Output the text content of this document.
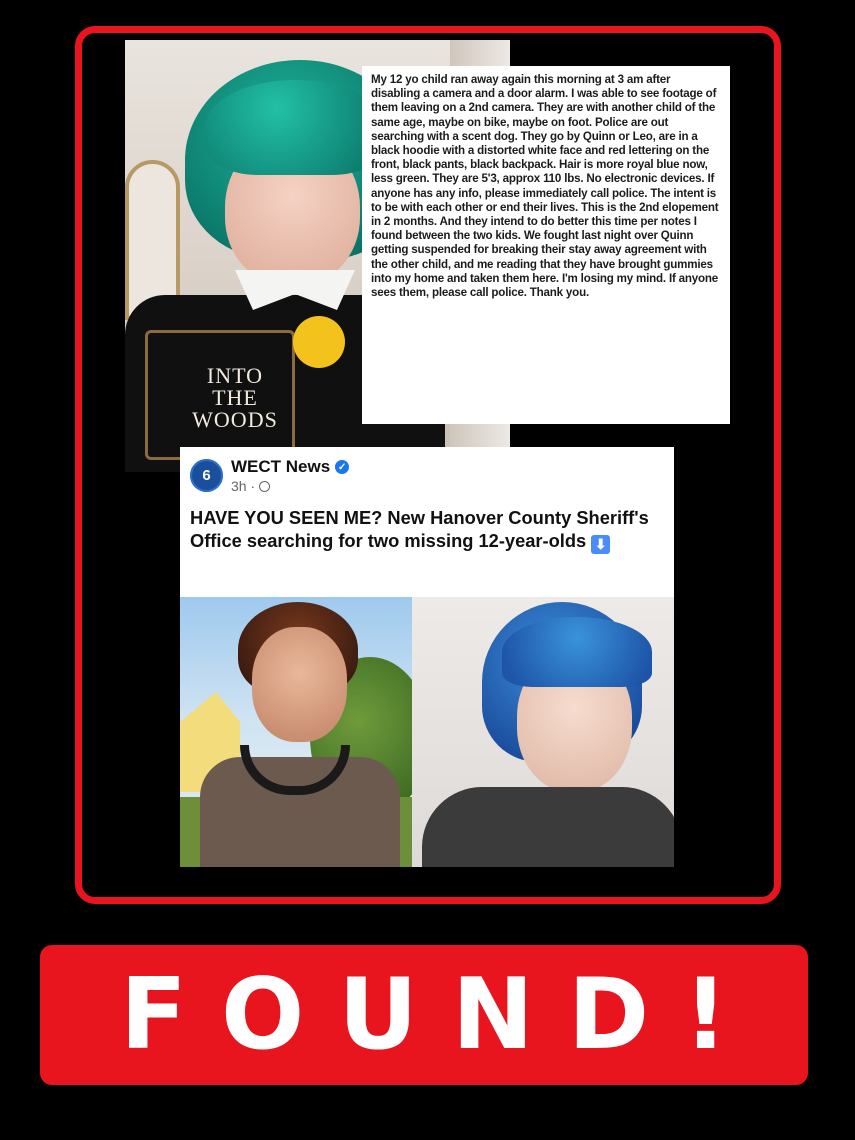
INTO THE WOODS

My 12 yo child ran away again this morning at 3 am after disabling a camera and a door alarm. I was able to see footage of them leaving on a 2nd camera. They are with another child of the same age, maybe on bike, maybe on foot. Police are out searching with a scent dog. They go by Quinn or Leo, are in a black hoodie with a distorted white face and red lettering on the front, black pants, black backpack. Hair is more royal blue now, less green. They are 5'3, approx 110 lbs. No electronic devices. If anyone has any info, please immediately call police. The intent is to be with each other or end their lives. This is the 2nd elopement in 2 months. And they intend to do better this time per notes I found between the two kids. We fought last night over Quinn getting suspended for breaking their stay away agreement with the other child, and me reading that they have brought gummies into my home and taken them here. I'm losing my mind. If anyone sees them, please call police. Thank you.

6 WECT News ✓
3h ·
HAVE YOU SEEN ME? New Hanover County Sheriff's Office searching for two missing 12-year-olds ⬇
FOUND!
